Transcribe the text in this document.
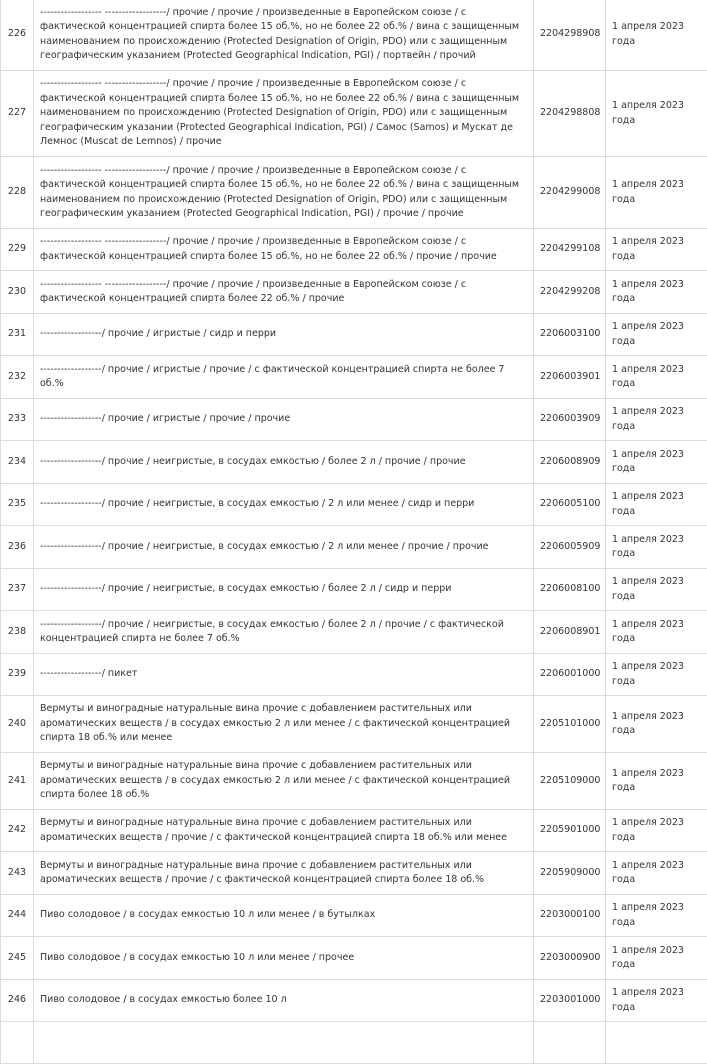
226	------------------ ------------------/ прочие / прочие / произведенные в Европейском союзе / с фактической концентрацией спирта более 15 об.%, но не более 22 об.% / вина с защищенным наименованием по происхождению (Protected Designation of Origin, PDO) или с защищенным географическим указанием (Protected Geographical Indication, PGI) / портвейн / прочий	2204298908	1 апреля 2023 года
227	------------------ ------------------/ прочие / прочие / произведенные в Европейском союзе / с фактической концентрацией спирта более 15 об.%, но не более 22 об.% / вина с защищенным наименованием по происхождению (Protected Designation of Origin, PDO) или с защищенным географическим указании (Protected Geographical Indication, PGI) / Самос (Samos) и Мускат де Лемнос (Muscat de Lemnos) / прочие	2204298808	1 апреля 2023 года
228	------------------ ------------------/ прочие / прочие / произведенные в Европейском союзе / с фактической концентрацией спирта более 15 об.%, но не более 22 об.% / вина с защищенным наименованием по происхождению (Protected Designation of Origin, PDO) или с защищенным географическим указанием (Protected Geographical Indication, PGI) / прочие / прочие	2204299008	1 апреля 2023 года
229	------------------ ------------------/ прочие / прочие / произведенные в Европейском союзе / с фактической концентрацией спирта более 15 об.%, но не более 22 об.% / прочие / прочие	2204299108	1 апреля 2023 года
230	------------------ ------------------/ прочие / прочие / произведенные в Европейском союзе / с фактической концентрацией спирта более 22 об.% / прочие	2204299208	1 апреля 2023 года
231	------------------/ прочие / игристые / сидр и перри	2206003100	1 апреля 2023 года
232	------------------/ прочие / игристые / прочие / с фактической концентрацией спирта не более 7 об.%	2206003901	1 апреля 2023 года
233	------------------/ прочие / игристые / прочие / прочие	2206003909	1 апреля 2023 года
234	------------------/ прочие / неигристые, в сосудах емкостью / более 2 л / прочие / прочие	2206008909	1 апреля 2023 года
235	------------------/ прочие / неигристые, в сосудах емкостью / 2 л или менее / сидр и перри	2206005100	1 апреля 2023 года
236	------------------/ прочие / неигристые, в сосудах емкостью / 2 л или менее / прочие / прочие	2206005909	1 апреля 2023 года
237	------------------/ прочие / неигристые, в сосудах емкостью / более 2 л / сидр и перри	2206008100	1 апреля 2023 года
238	------------------/ прочие / неигристые, в сосудах емкостью / более 2 л / прочие / с фактической концентрацией спирта не более 7 об.%	2206008901	1 апреля 2023 года
239	------------------/ пикет	2206001000	1 апреля 2023 года
240	Вермуты и виноградные натуральные вина прочие с добавлением растительных или ароматических веществ / в сосудах емкостью 2 л или менее / с фактической концентрацией спирта 18 об.% или менее	2205101000	1 апреля 2023 года
241	Вермуты и виноградные натуральные вина прочие с добавлением растительных или ароматических веществ / в сосудах емкостью 2 л или менее / с фактической концентрацией спирта более 18 об.%	2205109000	1 апреля 2023 года
242	Вермуты и виноградные натуральные вина прочие с добавлением растительных или ароматических веществ / прочие / с фактической концентрацией спирта 18 об.% или менее	2205901000	1 апреля 2023 года
243	Вермуты и виноградные натуральные вина прочие с добавлением растительных или ароматических веществ / прочие / с фактической концентрацией спирта более 18 об.%	2205909000	1 апреля 2023 года
244	Пиво солодовое / в сосудах емкостью 10 л или менее / в бутылках	2203000100	1 апреля 2023 года
245	Пиво солодовое / в сосудах емкостью 10 л или менее / прочее	2203000900	1 апреля 2023 года
246	Пиво солодовое / в сосудах емкостью более 10 л	2203001000	1 апреля 2023 года
